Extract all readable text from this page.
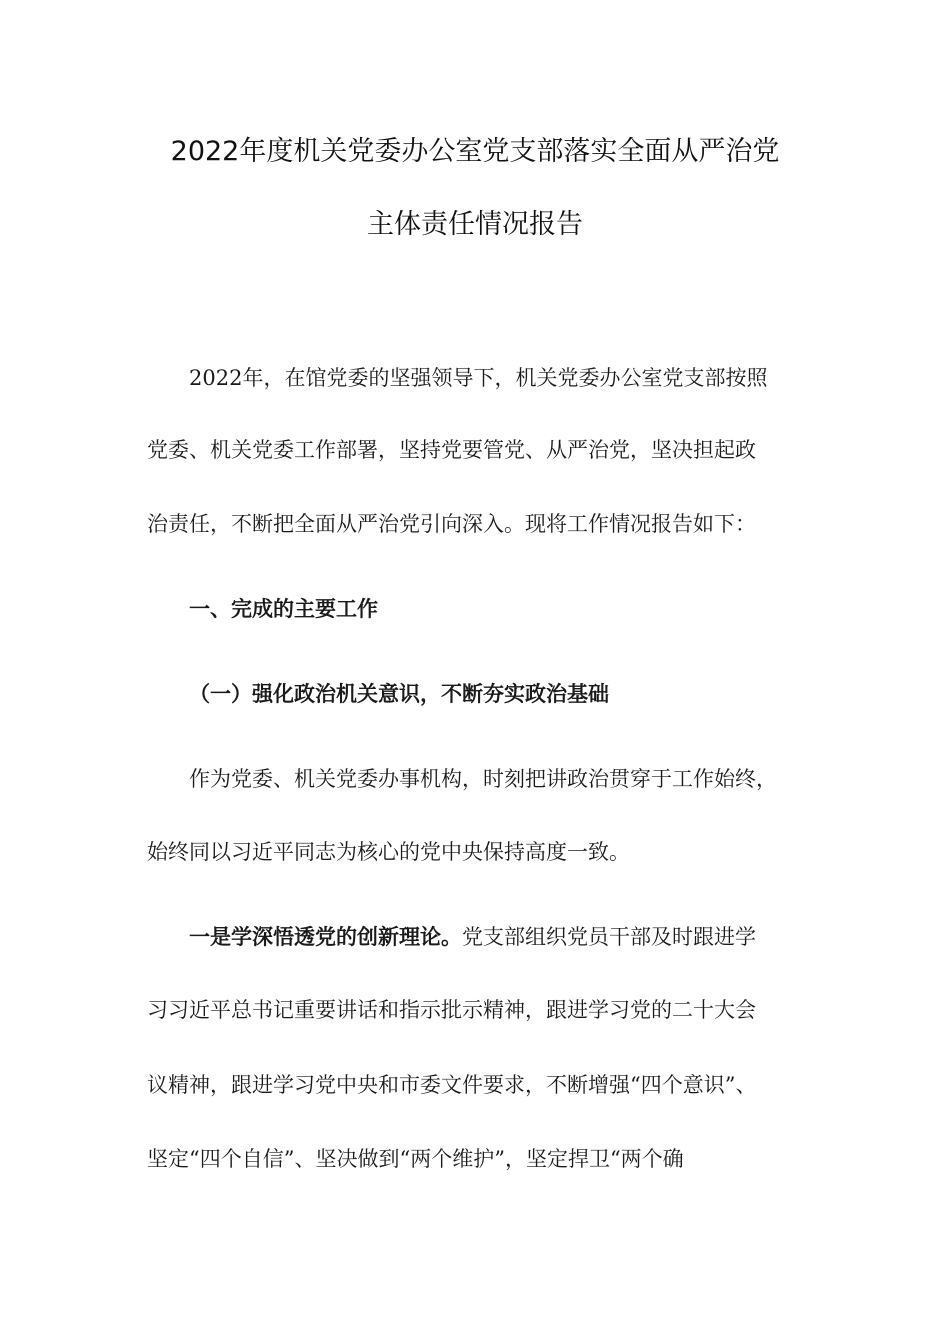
2022年度机关党委办公室党支部落实全面从严治党
主体责任情况报告
2022年，在馆党委的坚强领导下，机关党委办公室党支部按照
党委、机关党委工作部署，坚持党要管党、从严治党，坚决担起政
治责任，不断把全面从严治党引向深入。现将工作情况报告如下：
一、完成的主要工作
（一）强化政治机关意识，不断夯实政治基础
作为党委、机关党委办事机构，时刻把讲政治贯穿于工作始终，
始终同以习近平同志为核心的党中央保持高度一致。
一是学深悟透党的创新理论。党支部组织党员干部及时跟进学
习习近平总书记重要讲话和指示批示精神，跟进学习党的二十大会
议精神，跟进学习党中央和市委文件要求，不断增强“四个意识”、
坚定“四个自信”、坚决做到“两个维护”，坚定捍卫“两个确
